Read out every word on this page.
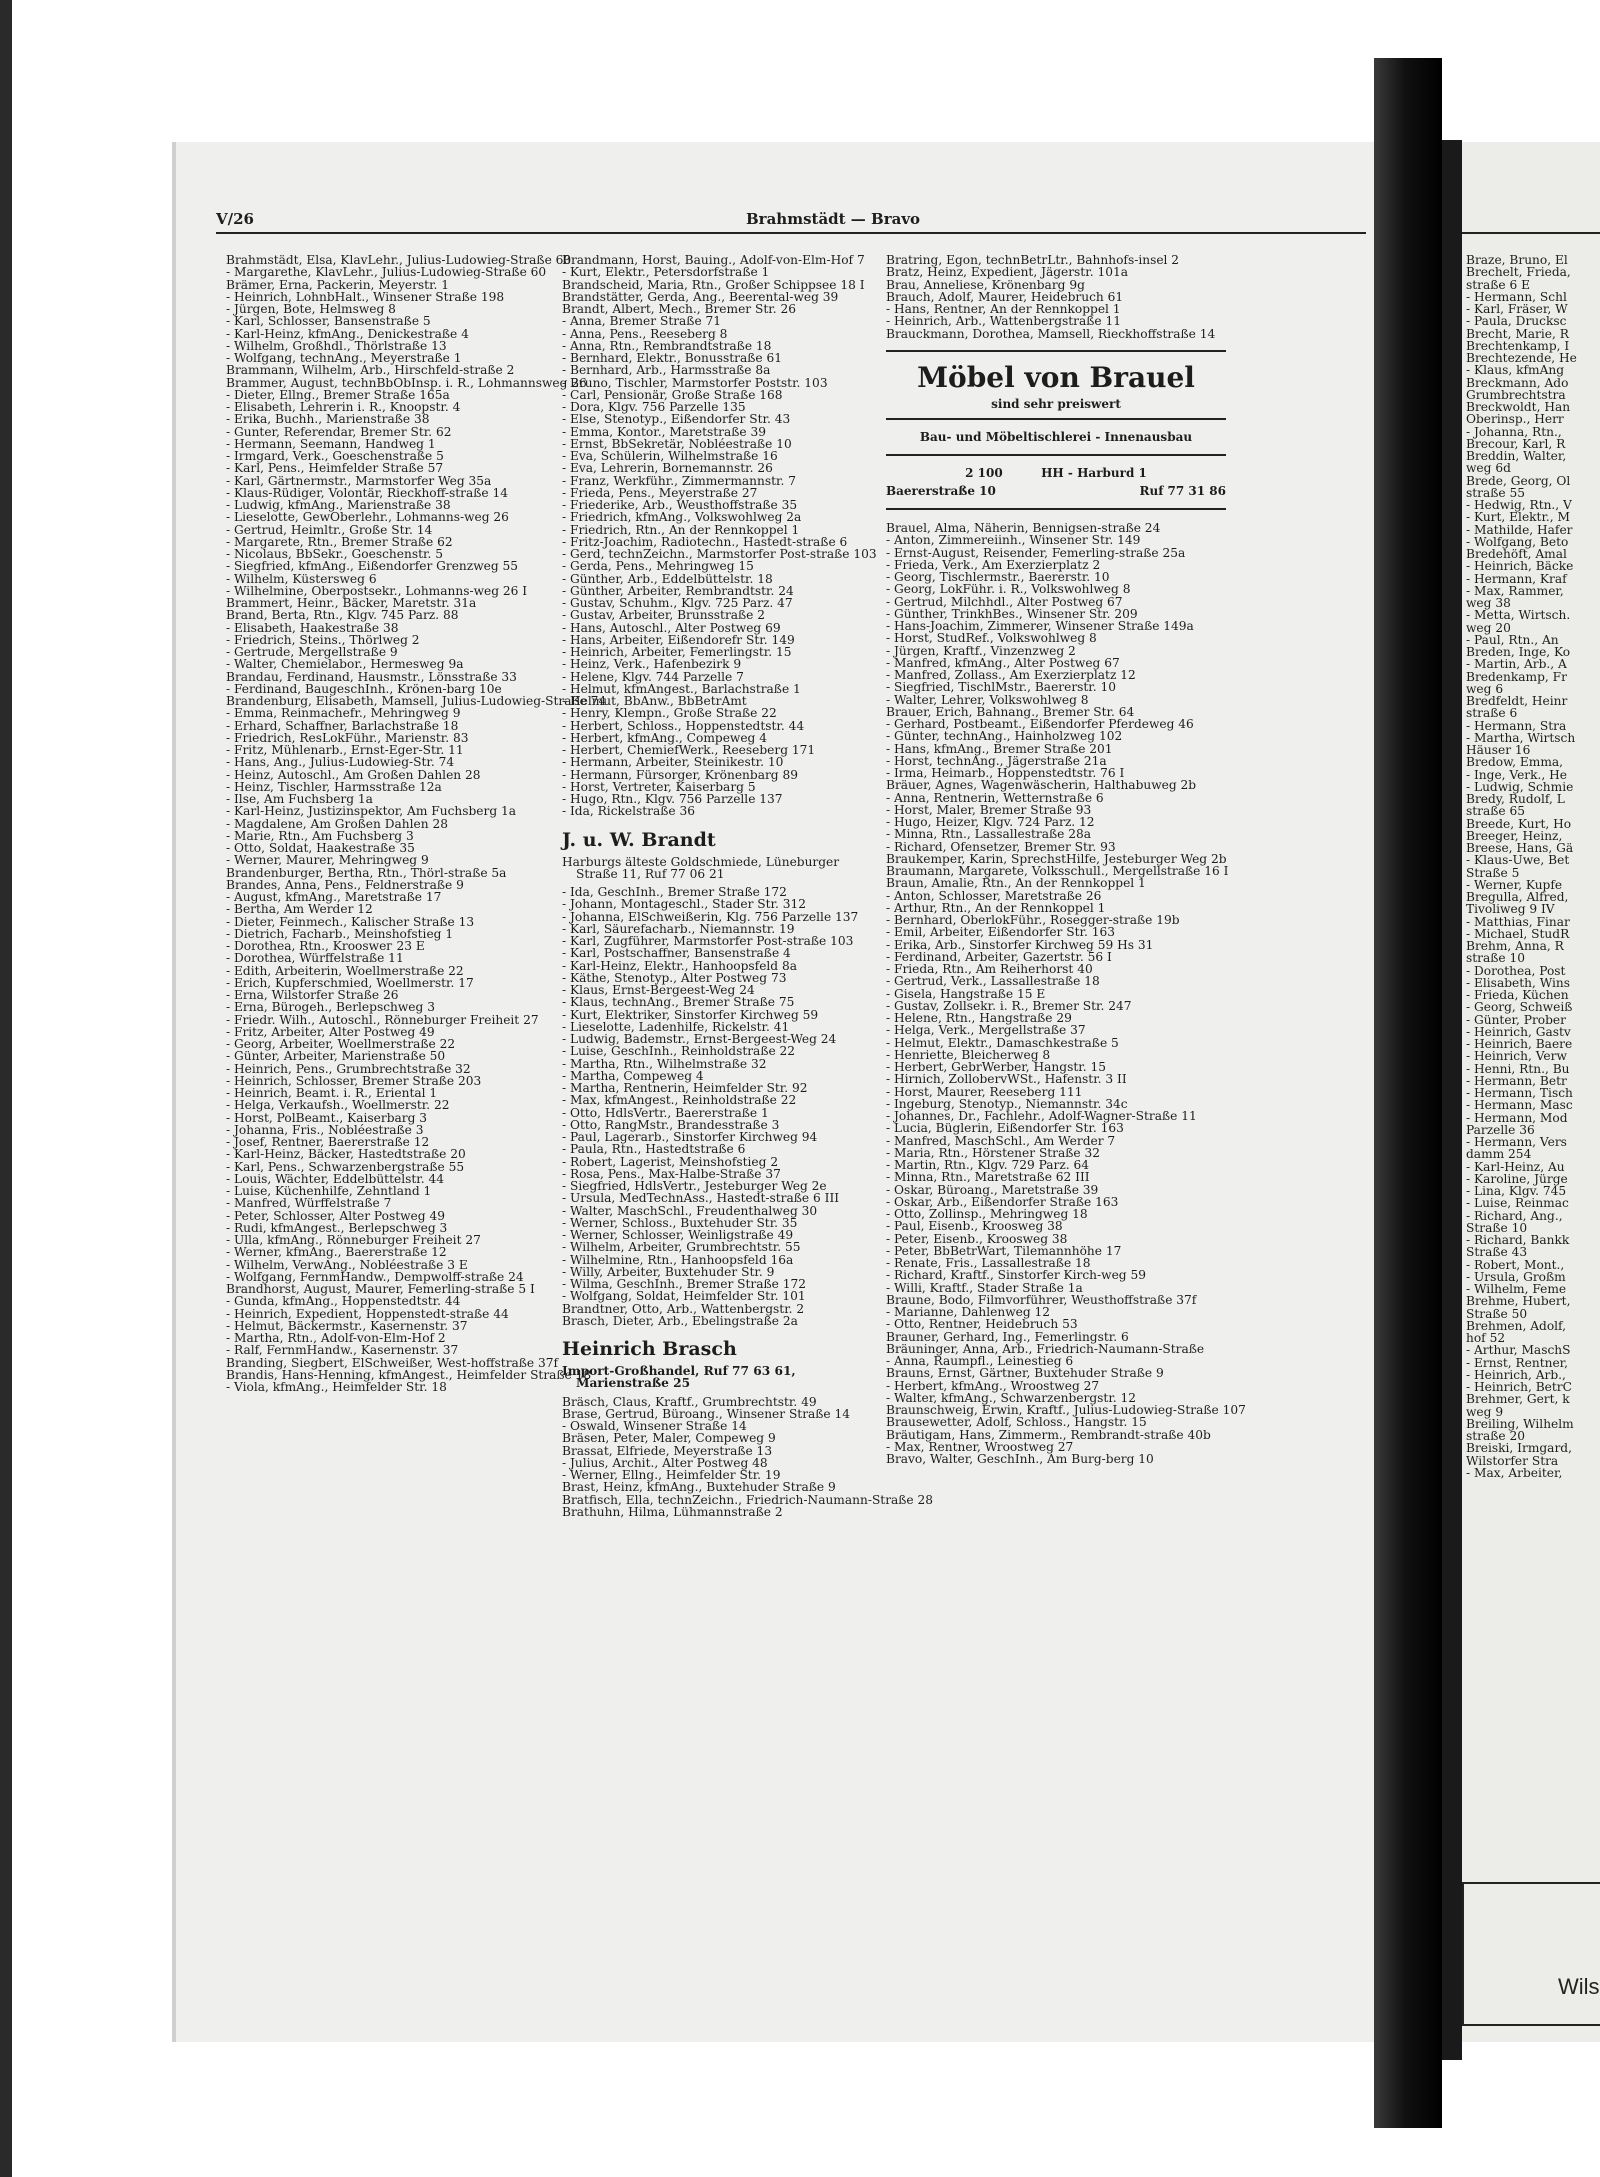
V/26	Brahmstädt — Bravo
Brahmstädt, Elsa, KlavLehr., Julius-Ludowieg-Straße 60
- Margarethe, KlavLehr., Julius-Ludowieg-Straße 60
Brämer, Erna, Packerin, Meyerstr. 1
- Heinrich, LohnbHalt., Winsener Straße 198
- Jürgen, Bote, Helmsweg 8
- Karl, Schlosser, Bansenstraße 5
- Karl-Heinz, kfmAng., Denickestraße 4
- Wilhelm, Großhdl., Thörlstraße 13
- Wolfgang, technAng., Meyerstraße 1
Brammann, Wilhelm, Arb., Hirschfeld-straße 2
Brammer, August, technBbObInsp. i. R., Lohmannsweg 26
- Dieter, Ellng., Bremer Straße 165a
- Elisabeth, Lehrerin i. R., Knoopstr. 4
- Erika, Buchh., Marienstraße 38
- Gunter, Referendar, Bremer Str. 62
- Hermann, Seemann, Handweg 1
- Irmgard, Verk., Goeschenstraße 5
- Karl, Pens., Heimfelder Straße 57
- Karl, Gärtnermstr., Marmstorfer Weg 35a
- Klaus-Rüdiger, Volontär, Rieckhoff-straße 14
- Ludwig, kfmAng., Marienstraße 38
- Lieselotte, GewOberlehr., Lohmanns-weg 26
- Gertrud, Heimltr., Große Str. 14
- Margarete, Rtn., Bremer Straße 62
- Nicolaus, BbSekr., Goeschenstr. 5
- Siegfried, kfmAng., Eißendorfer Grenzweg 55
- Wilhelm, Küstersweg 6
- Wilhelmine, Oberpostsekr., Lohmanns-weg 26 I
Brammert, Heinr., Bäcker, Maretstr. 31a
Brand, Berta, Rtn., Klgv. 745 Parz. 88
- Elisabeth, Haakestraße 38
- Friedrich, Steins., Thörlweg 2
- Gertrude, Mergellstraße 9
- Walter, Chemielabor., Hermesweg 9a
Brandau, Ferdinand, Hausmstr., Lönsstraße 33
- Ferdinand, BaugeschInh., Krönen-barg 10e
Brandenburg, Elisabeth, Mamsell, Julius-Ludowieg-Straße 74
- Emma, Reinmachefr., Mehringweg 9
- Erhard, Schaffner, Barlachstraße 18
- Friedrich, ResLokFühr., Marienstr. 83
- Fritz, Mühlenarb., Ernst-Eger-Str. 11
- Hans, Ang., Julius-Ludowieg-Str. 74
- Heinz, Autoschl., Am Großen Dahlen 28
- Heinz, Tischler, Harmsstraße 12a
- Ilse, Am Fuchsberg 1a
- Karl-Heinz, Justizinspektor, Am Fuchsberg 1a
- Magdalene, Am Großen Dahlen 28
- Marie, Rtn., Am Fuchsberg 3
- Otto, Soldat, Haakestraße 35
- Werner, Maurer, Mehringweg 9
Brandenburger, Bertha, Rtn., Thörl-straße 5a
Brandes, Anna, Pens., Feldnerstraße 9
- August, kfmAng., Maretstraße 17
- Bertha, Am Werder 12
- Dieter, Feinmech., Kalischer Straße 13
- Dietrich, Facharb., Meinshofstieg 1
- Dorothea, Rtn., Krooswег 23 E
- Dorothea, Würffelstraße 11
- Edith, Arbeiterin, Woellmerstraße 22
- Erich, Kupferschmied, Woellmerstr. 17
- Erna, Wilstorfer Straße 26
- Erna, Bürogeh., Berlepschweg 3
- Friedr. Wilh., Autoschl., Rönneburger Freiheit 27
- Fritz, Arbeiter, Alter Postweg 49
- Georg, Arbeiter, Woellmerstraße 22
- Günter, Arbeiter, Marienstraße 50
- Heinrich, Pens., Grumbrechtstraße 32
- Heinrich, Schlosser, Bremer Straße 203
- Heinrich, Beamt. i. R., Eriental 1
- Helga, Verkaufsh., Woellmerstr. 22
- Horst, PolBeamt., Kaiserbarg 3
- Johanna, Fris., Nobléestraße 3
- Josef, Rentner, Baererstraße 12
- Karl-Heinz, Bäcker, Hastedtstraße 20
- Karl, Pens., Schwarzenbergstraße 55
- Louis, Wächter, Eddelbüttelstr. 44
- Luise, Küchenhilfe, Zehntland 1
- Manfred, Würffelstraße 7
- Peter, Schlosser, Alter Postweg 49
- Rudi, kfmAngest., Berlepschweg 3
- Ulla, kfmAng., Rönneburger Freiheit 27
- Werner, kfmAng., Baererstraße 12
- Wilhelm, VerwAng., Nobléestraße 3 E
- Wolfgang, FernmHandw., Dempwolff-straße 24
Brandhorst, August, Maurer, Femerling-straße 5 I
- Gunda, kfmAng., Hoppenstedtstr. 44
- Heinrich, Expedient, Hoppenstedt-straße 44
- Helmut, Bäckermstr., Kasernenstr. 37
- Martha, Rtn., Adolf-von-Elm-Hof 2
- Ralf, FernmHandw., Kasernenstr. 37
Branding, Siegbert, ElSchweißer, West-hoffstraße 37f
Brandis, Hans-Henning, kfmAngest., Heimfelder Straße 18
- Viola, kfmAng., Heimfelder Str. 18
Brandmann, Horst, Bauing., Adolf-von-Elm-Hof 7
- Kurt, Elektr., Petersdorfstraße 1
Brandscheid, Maria, Rtn., Großer Schippsee 18 I
Brandstätter, Gerda, Ang., Beerental-weg 39
Brandt, Albert, Mech., Bremer Str. 26
- Anna, Bremer Straße 71
- Anna, Pens., Reeseberg 8
- Anna, Rtn., Rembrandtstraße 18
- Bernhard, Elektr., Bonusstraße 61
- Bernhard, Arb., Harmsstraße 8a
- Bruno, Tischler, Marmstorfer Poststr. 103
- Carl, Pensionär, Große Straße 168
- Dora, Klgv. 756 Parzelle 135
- Else, Stenotyp., Eißendorfer Str. 43
- Emma, Kontor., Maretstraße 39
- Ernst, BbSekretär, Nobléestraße 10
- Eva, Schülerin, Wilhelmstraße 16
- Eva, Lehrerin, Bornemannstr. 26
- Franz, Werkführ., Zimmermannstr. 7
- Frieda, Pens., Meyerstraße 27
- Friederike, Arb., Weusthoffstraße 35
- Friedrich, kfmAng., Volkswohlweg 2a
- Friedrich, Rtn., An der Rennkoppel 1
- Fritz-Joachim, Radiotechn., Hastedt-straße 6
- Gerd, technZeichn., Marmstorfer Post-straße 103
- Gerda, Pens., Mehringweg 15
- Günther, Arb., Eddelbüttelstr. 18
- Günther, Arbeiter, Rembrandtstr. 24
- Gustav, Schuhm., Klgv. 725 Parz. 47
- Gustav, Arbeiter, Brunsstraße 2
- Hans, Autoschl., Alter Postweg 69
- Hans, Arbeiter, Eißendorefr Str. 149
- Heinrich, Arbeiter, Femerlingstr. 15
- Heinz, Verk., Hafenbezirk 9
- Helene, Klgv. 744 Parzelle 7
- Helmut, kfmAngest., Barlachstraße 1
- Helmut, BbAnw., BbBetrAmt
- Henry, Klempn., Große Straße 22
- Herbert, Schloss., Hoppenstedtstr. 44
- Herbert, kfmAng., Compeweg 4
- Herbert, ChemiefWerk., Reeseberg 171
- Hermann, Arbeiter, Steinikestr. 10
- Hermann, Fürsorger, Krönenbarg 89
- Horst, Vertreter, Kaiserbarg 5
- Hugo, Rtn., Klgv. 756 Parzelle 137
- Ida, Rickelstraße 36
J. u. W. Brandt
Harburgs älteste Goldschmiede, Lüneburger Straße 11, Ruf 77 06 21
- Ida, GeschInh., Bremer Straße 172
- Johann, Montageschl., Stader Str. 312
- Johanna, ElSchweißerin, Klg. 756 Parzelle 137
- Karl, Säurefacharb., Niemannstr. 19
- Karl, Zugführer, Marmstorfer Post-straße 103
- Karl, Postschaffner, Bansenstraße 4
- Karl-Heinz, Elektr., Hanhoopsfeld 8a
- Käthe, Stenotyp., Alter Postweg 73
- Klaus, Ernst-Bergeest-Weg 24
- Klaus, technAng., Bremer Straße 75
- Kurt, Elektriker, Sinstorfer Kirchweg 59
- Lieselotte, Ladenhilfe, Rickelstr. 41
- Ludwig, Bademstr., Ernst-Bergeest-Weg 24
- Luise, GeschInh., Reinholdstraße 22
- Martha, Rtn., Wilhelmstraße 32
- Martha, Compeweg 4
- Martha, Rentnerin, Heimfelder Str. 92
- Max, kfmAngest., Reinholdstraße 22
- Otto, HdlsVertr., Baererstraße 1
- Otto, RangMstr., Brandesstraße 3
- Paul, Lagerarb., Sinstorfer Kirchweg 94
- Paula, Rtn., Hastedtstraße 6
- Robert, Lagerist, Meinshofstieg 2
- Rosa, Pens., Max-Halbe-Straße 37
- Siegfried, HdlsVertr., Jesteburger Weg 2e
- Ursula, MedTechnAss., Hastedt-straße 6 III
- Walter, MaschSchl., Freudenthalweg 30
- Werner, Schloss., Buxtehuder Str. 35
- Werner, Schlosser, Weinligstraße 49
- Wilhelm, Arbeiter, Grumbrechtstr. 55
- Wilhelmine, Rtn., Hanhoopsfeld 16a
- Willy, Arbeiter, Buxtehuder Str. 9
- Wilma, GeschInh., Bremer Straße 172
- Wolfgang, Soldat, Heimfelder Str. 101
Brandtner, Otto, Arb., Wattenbergstr. 2
Brasch, Dieter, Arb., Ebelingstraße 2a
Heinrich Brasch
Import-Großhandel, Ruf 77 63 61, Marienstraße 25
Bräsch, Claus, Kraftf., Grumbrechtstr. 49
Brase, Gertrud, Büroang., Winsener Straße 14
- Oswald, Winsener Straße 14
Bräsen, Peter, Maler, Compeweg 9
Brassat, Elfriede, Meyerstraße 13
- Julius, Archit., Alter Postweg 48
- Werner, Ellng., Heimfelder Str. 19
Brast, Heinz, kfmAng., Buxtehuder Straße 9
Bratfisch, Ella, technZeichn., Friedrich-Naumann-Straße 28
Brathuhn, Hilma, Lühmannstraße 2
Bratring, Egon, technBetrLtr., Bahnhofs-insel 2
Bratz, Heinz, Expedient, Jägerstr. 101a
Brau, Anneliese, Krönenbarg 9g
Brauch, Adolf, Maurer, Heidebruch 61
- Hans, Rentner, An der Rennkoppel 1
- Heinrich, Arb., Wattenbergstraße 11
Brauckmann, Dorothea, Mamsell, Rieckhoffstraße 14
Möbel von Brauel
sind sehr preiswert
Bau- und Möbeltischlerei - Innenausbau
2 100	HH - Harburd 1
Baererstraße 10	Ruf 77 31 86
Brauel, Alma, Näherin, Bennigsen-straße 24
- Anton, Zimmereiinh., Winsener Str. 149
- Ernst-August, Reisender, Femerling-straße 25a
- Frieda, Verk., Am Exerzierplatz 2
- Georg, Tischlermstr., Baererstr. 10
- Georg, LokFühr. i. R., Volkswohlweg 8
- Gertrud, Milchhdl., Alter Postweg 67
- Günther, TrinkhBes., Winsener Str. 209
- Hans-Joachim, Zimmerer, Winsener Straße 149a
- Horst, StudRef., Volkswohlweg 8
- Jürgen, Kraftf., Vinzenzweg 2
- Manfred, kfmAng., Alter Postweg 67
- Manfred, Zollass., Am Exerzierplatz 12
- Siegfried, TischlMstr., Baererstr. 10
- Walter, Lehrer, Volkswohlweg 8
Brauer, Erich, Bahnang., Bremer Str. 64
- Gerhard, Postbeamt., Eißendorfer Pferdeweg 46
- Günter, technAng., Hainholzweg 102
- Hans, kfmAng., Bremer Straße 201
- Horst, technAng., Jägerstraße 21a
- Irma, Heimarb., Hoppenstedtstr. 76 I
Bräuer, Agnes, Wagenwäscherin, Halthabuweg 2b
- Anna, Rentnerin, Wetternstraße 6
- Horst, Maler, Bremer Straße 93
- Hugo, Heizer, Klgv. 724 Parz. 12
- Minna, Rtn., Lassallestraße 28a
- Richard, Ofensetzer, Bremer Str. 93
Braukemper, Karin, SprechstHilfe, Jesteburger Weg 2b
Braumann, Margarete, Volksschull., Mergellstraße 16 I
Braun, Amalie, Rtn., An der Rennkoppel 1
- Anton, Schlosser, Maretstraße 26
- Arthur, Rtn., An der Rennkoppel 1
- Bernhard, OberlokFühr., Rosegger-straße 19b
- Emil, Arbeiter, Eißendorfer Str. 163
- Erika, Arb., Sinstorfer Kirchweg 59 Hs 31
- Ferdinand, Arbeiter, Gazertstr. 56 I
- Frieda, Rtn., Am Reiherhorst 40
- Gertrud, Verk., Lassallestraße 18
- Gisela, Hangstraße 15 E
- Gustav, Zollsekr. i. R., Bremer Str. 247
- Helene, Rtn., Hangstraße 29
- Helga, Verk., Mergellstraße 37
- Helmut, Elektr., Damaschkestraße 5
- Henriette, Bleicherweg 8
- Herbert, GebrWerber, Hangstr. 15
- Hirnich, ZollobervWSt., Hafenstr. 3 II
- Horst, Maurer, Reeseberg 111
- Ingeburg, Stenotyp., Niemannstr. 34c
- Johannes, Dr., Fachlehr., Adolf-Wagner-Straße 11
- Lucia, Büglerin, Eißendorfer Str. 163
- Manfred, MaschSchl., Am Werder 7
- Maria, Rtn., Hörstener Straße 32
- Martin, Rtn., Klgv. 729 Parz. 64
- Minna, Rtn., Maretstraße 62 III
- Oskar, Büroang., Maretstraße 39
- Oskar, Arb., Eißendorfer Straße 163
- Otto, Zollinsp., Mehringweg 18
- Paul, Eisenb., Krooswеg 38
- Peter, Eisenb., Krooswеg 38
- Peter, BbBetrWart, Tilemannhöhe 17
- Renate, Fris., Lassallestraße 18
- Richard, Kraftf., Sinstorfer Kirch-weg 59
- Willi, Kraftf., Stader Straße 1a
Braune, Bodo, Filmvorführer, Weusthoffstraße 37f
- Marianne, Dahlenweg 12
- Otto, Rentner, Heidebruch 53
Brauner, Gerhard, Ing., Femerlingstr. 6
Bräuninger, Anna, Arb., Friedrich-Naumann-Straße
- Anna, Raumpfl., Leinestieg 6
Brauns, Ernst, Gärtner, Buxtehuder Straße 9
- Herbert, kfmAng., Wroostweg 27
- Walter, kfmAng., Schwarzenbergstr. 12
Braunschweig, Erwin, Kraftf., Julius-Ludowieg-Straße 107
Brausewetter, Adolf, Schloss., Hangstr. 15
Bräutigam, Hans, Zimmerm., Rembrandt-straße 40b
- Max, Rentner, Wroostweg 27
Bravo, Walter, GeschInh., Am Burg-berg 10
Braze, Bruno, El
Brechelt, Frieda,
straße 6 E
- Hermann, Schl
- Karl, Fräser, W
- Paula, Drucksc
Brecht, Marie, R
Brechtenkamp, I
Brechtezende, He
- Klaus, kfmAng
Breckmann, Ado
Grumbrechtstra
Breckwoldt, Han
Oberinsp., Herr
- Johanna, Rtn.,
Brecour, Karl, R
Breddin, Walter,
weg 6d
Brede, Georg, Ol
straße 55
- Hedwig, Rtn., V
- Kurt, Elektr., M
- Mathilde, Hafer
- Wolfgang, Beto
Bredehöft, Amal
- Heinrich, Bäcke
- Hermann, Kraf
- Max, Rammer,
weg 38
- Metta, Wirtsch.
weg 20
- Paul, Rtn., An
Breden, Inge, Ko
- Martin, Arb., A
Bredenkamp, Fr
weg 6
Bredfeldt, Heinr
straße 6
- Hermann, Stra
- Martha, Wirtsch
Häuser 16
Bredow, Emma,
- Inge, Verk., He
- Ludwig, Schmie
Bredy, Rudolf, L
straße 65
Breede, Kurt, Ho
Breeger, Heinz,
Breese, Hans, Gä
- Klaus-Uwe, Bet
Straße 5
- Werner, Kupfe
Bregulla, Alfred,
Tivoliweg 9 IV
- Matthias, Finar
- Michael, StudR
Brehm, Anna, R
straße 10
- Dorothea, Post
- Elisabeth, Wins
- Frieda, Küchen
- Georg, Schweiß
- Günter, Prober
- Heinrich, Gastv
- Heinrich, Baere
- Heinrich, Verw
- Henni, Rtn., Bu
- Hermann, Betr
- Hermann, Tisch
- Hermann, Masc
- Hermann, Mod
Parzelle 36
- Hermann, Vers
damm 254
- Karl-Heinz, Au
- Karoline, Jürge
- Lina, Klgv. 745
- Luise, Reinmac
- Richard, Ang.,
Straße 10
- Richard, Bankk
Straße 43
- Robert, Mont.,
- Ursula, Großm
- Wilhelm, Feme
Brehme, Hubert,
Straße 50
Brehmen, Adolf,
hof 52
- Arthur, MaschS
- Ernst, Rentner,
- Heinrich, Arb.,
- Heinrich, BetrC
Brehmer, Gert, k
weg 9
Breiling, Wilhelm
straße 20
Breiski, Irmgard,
Wilstorfer Stra
- Max, Arbeiter,
Wils
